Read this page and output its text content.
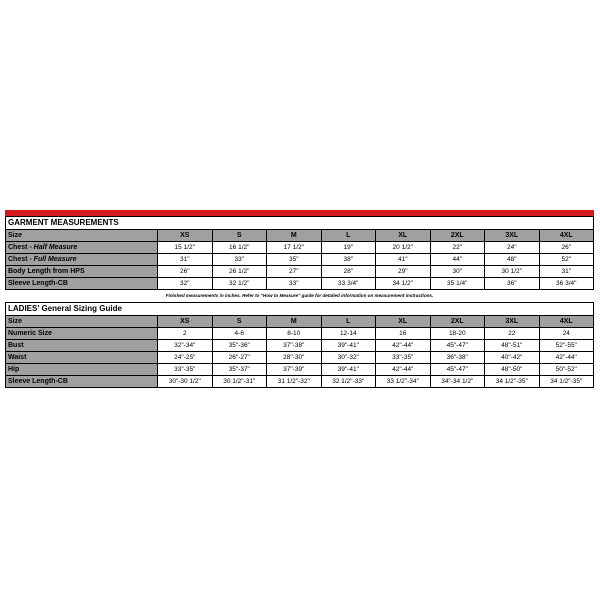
GARMENT MEASUREMENTS								
Size	XS	S	M	L	XL	2XL	3XL	4XL
Chest - Half Measure	15 1/2"	16 1/2"	17 1/2"	19"	20 1/2"	22"	24"	26"
Chest - Full Measure	31"	33"	35"	38"	41"	44"	48"	52"
Body Length from HPS	26"	26 1/2"	27"	28"	29"	30"	30 1/2"	31"
Sleeve Length-CB	32"	32 1/2"	33"	33 3/4"	34 1/2"	35 1/4"	36"	36 3/4"
Finished measurements in inches. Refer to "How to Measure" guide for detailed information on measurement instructions.
LADIES' General Sizing Guide								
Size	XS	S	M	L	XL	2XL	3XL	4XL
Numeric Size	2	4-6	8-10	12-14	16	18-20	22	24
Bust	32"-34"	35"-36"	37"-38"	39"-41"	42"-44"	45"-47"	48"-51"	52"-55"
Waist	24"-25"	26"-27"	28"-30"	30"-32"	33"-35"	36"-38"	40"-42"	42"-44"
Hip	33"-35"	35"-37"	37"-39"	39"-41"	42"-44"	45"-47"	48"-50"	50"-52"
Sleeve Length-CB	30"-30 1/2"	30 1/2"-31"	31 1/2"-32"	32 1/2"-33"	33 1/2"-34"	34"-34 1/2"	34 1/2"-35"	34 1/2"-35"
